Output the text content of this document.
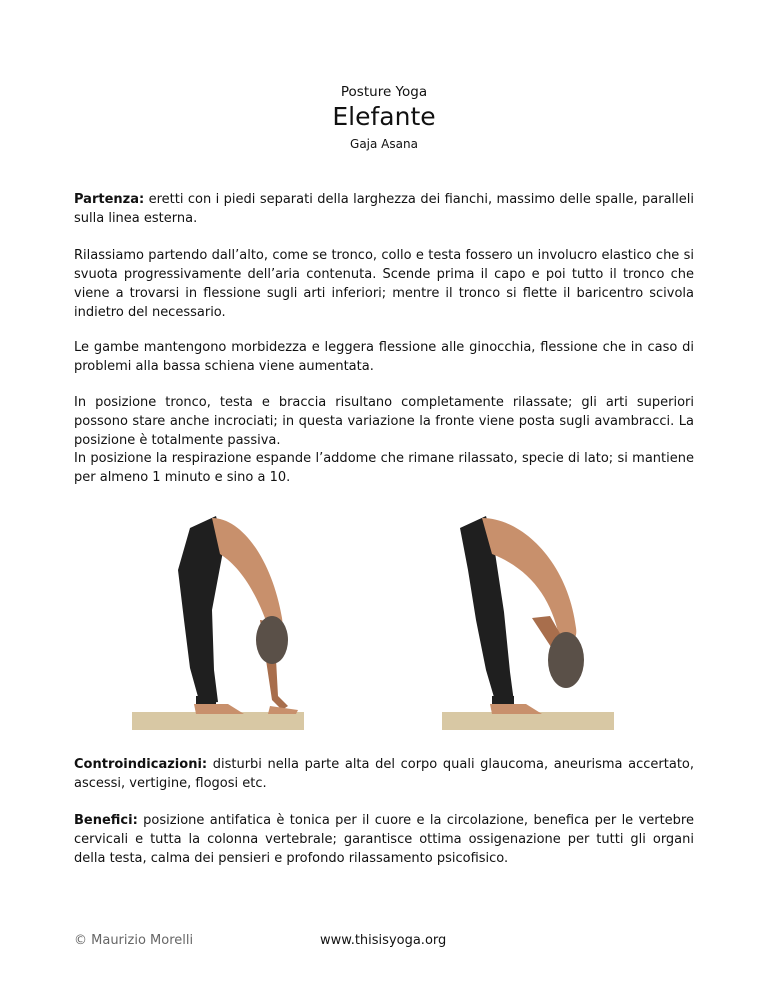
Posture Yoga
Elefante
Gaja Asana

Partenza: eretti con i piedi separati della larghezza dei fianchi, massimo delle spalle, paralleli sulla linea esterna.

Rilassiamo partendo dall’alto, come se tronco, collo e testa fossero un involucro elastico che si svuota progressivamente dell’aria contenuta. Scende prima il capo e poi tutto il tronco che viene a trovarsi in flessione sugli arti inferiori; mentre il tronco si flette il baricentro scivola indietro del necessario.

Le gambe mantengono morbidezza e leggera flessione alle ginocchia, flessione che in caso di problemi alla bassa schiena viene aumentata.

In posizione tronco, testa e braccia risultano completamente rilassate; gli arti superiori possono stare anche incrociati; in questa variazione la fronte viene posta sugli avambracci. La posizione è totalmente passiva.

In posizione la respirazione espande l’addome che rimane rilassato, specie di lato; si mantiene per almeno 1 minuto e sino a 10.

Controindicazioni: disturbi nella parte alta del corpo quali glaucoma, aneurisma accertato, ascessi, vertigine, flogosi etc.

Benefici: posizione antifatica è tonica per il cuore e la circolazione, benefica per le vertebre cervicali e tutta la colonna vertebrale; garantisce ottima ossigenazione per tutti gli organi della testa, calma dei pensieri e profondo rilassamento psicofisico.

© Maurizio Morelli	www.thisisyoga.org
